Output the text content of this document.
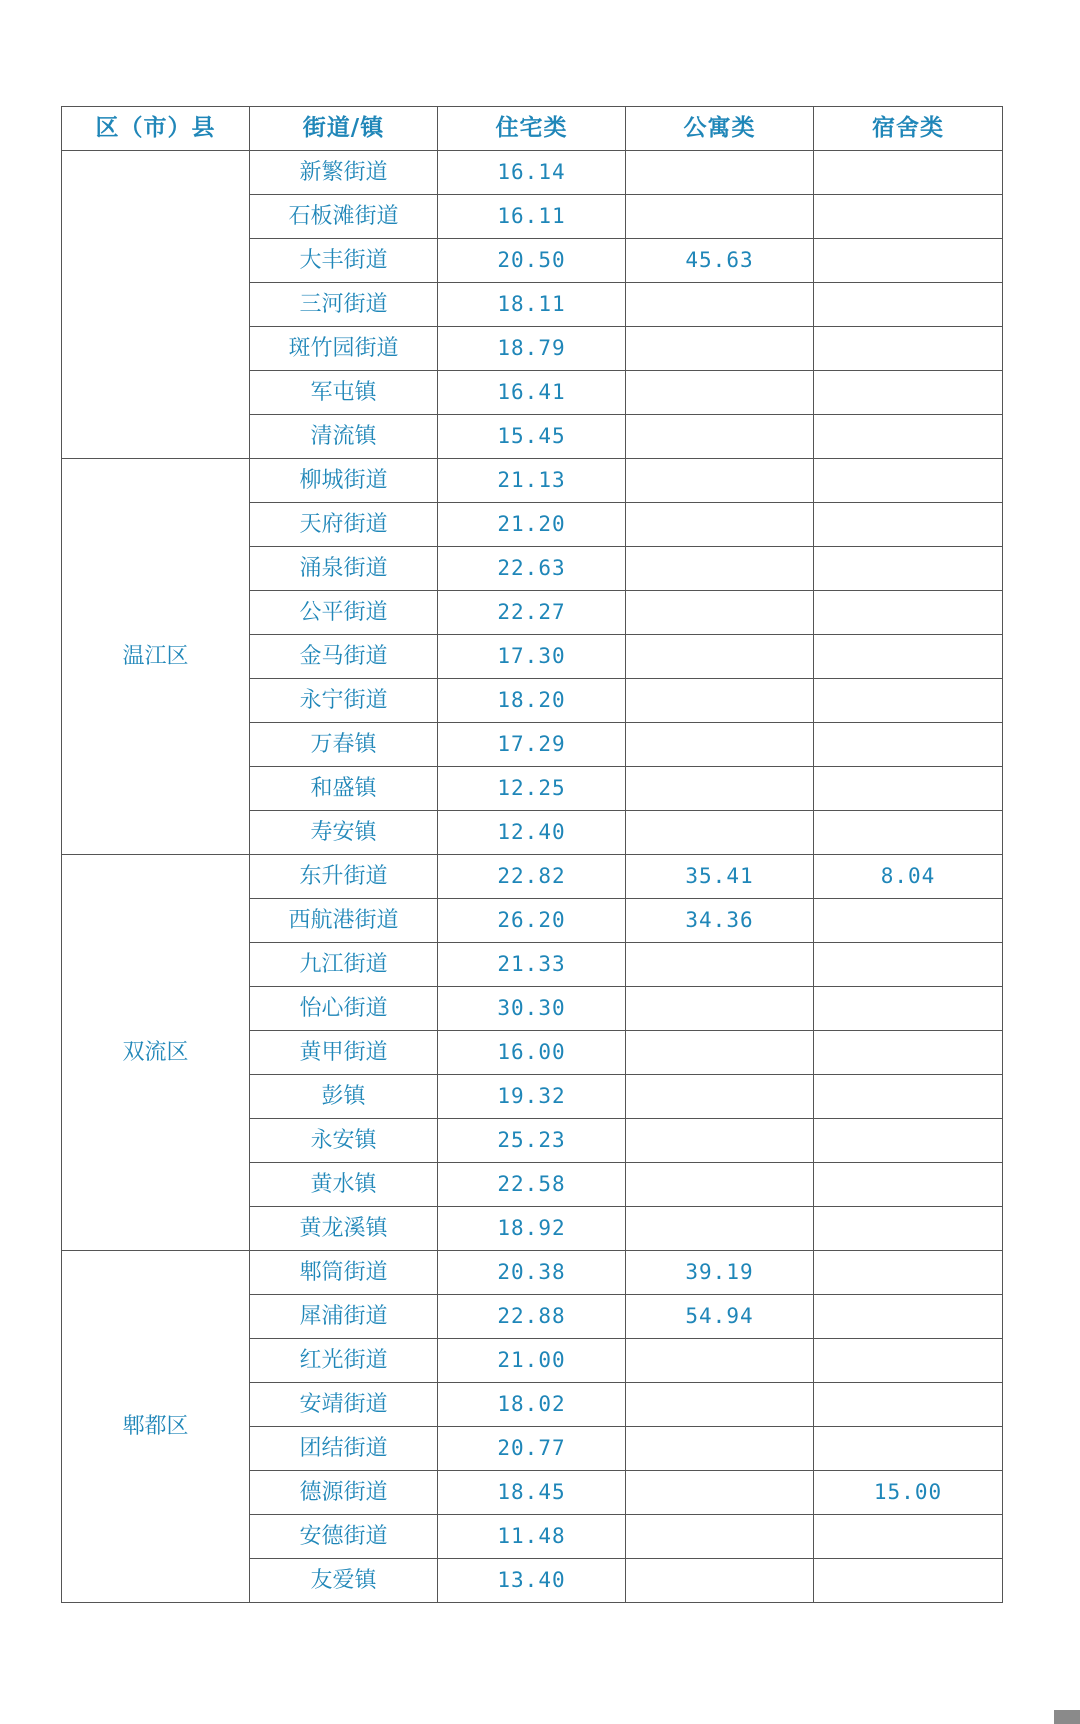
区（市）县	街道/镇	住宅类	公寓类	宿舍类
	新繁街道	16.14		
	石板滩街道	16.11		
	大丰街道	20.50	45.63	
	三河街道	18.11		
	斑竹园街道	18.79		
	军屯镇	16.41		
	清流镇	15.45		
温江区	柳城街道	21.13		
	天府街道	21.20		
	涌泉街道	22.63		
	公平街道	22.27		
	金马街道	17.30		
	永宁街道	18.20		
	万春镇	17.29		
	和盛镇	12.25		
	寿安镇	12.40		
双流区	东升街道	22.82	35.41	8.04
	西航港街道	26.20	34.36	
	九江街道	21.33		
	怡心街道	30.30		
	黄甲街道	16.00		
	彭镇	19.32		
	永安镇	25.23		
	黄水镇	22.58		
	黄龙溪镇	18.92		
郫都区	郫筒街道	20.38	39.19	
	犀浦街道	22.88	54.94	
	红光街道	21.00		
	安靖街道	18.02		
	团结街道	20.77		
	德源街道	18.45		15.00
	安德街道	11.48		
	友爱镇	13.40		
